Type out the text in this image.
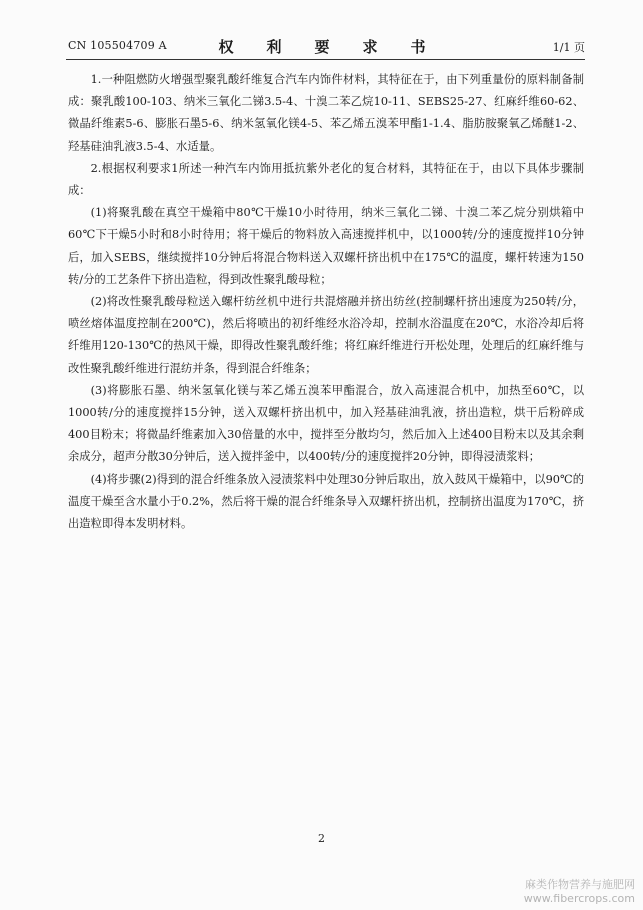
CN 105504709 A	权　利　要　求　书	1/1 页

1.一种阻燃防火增强型聚乳酸纤维复合汽车内饰件材料，其特征在于，由下列重量份的原料制备制成：聚乳酸100-103、纳米三氧化二锑3.5-4、十溴二苯乙烷10-11、SEBS25-27、红麻纤维60-62、微晶纤维素5-6、膨胀石墨5-6、纳米氢氧化镁4-5、苯乙烯五溴苯甲酯1-1.4、脂肪胺聚氧乙烯醚1-2、羟基硅油乳液3.5-4、水适量。

2.根据权利要求1所述一种汽车内饰用抵抗紫外老化的复合材料，其特征在于，由以下具体步骤制成：

(1)将聚乳酸在真空干燥箱中80℃干燥10小时待用，纳米三氧化二锑、十溴二苯乙烷分别烘箱中60℃下干燥5小时和8小时待用；将干燥后的物料放入高速搅拌机中，以1000转/分的速度搅拌10分钟后，加入SEBS，继续搅拌10分钟后将混合物料送入双螺杆挤出机中在175℃的温度，螺杆转速为150转/分的工艺条件下挤出造粒，得到改性聚乳酸母粒；

(2)将改性聚乳酸母粒送入螺杆纺丝机中进行共混熔融并挤出纺丝(控制螺杆挤出速度为250转/分，喷丝熔体温度控制在200℃)，然后将喷出的初纤维经水浴冷却，控制水浴温度在20℃，水浴冷却后将纤维用120-130℃的热风干燥，即得改性聚乳酸纤维；将红麻纤维进行开松处理，处理后的红麻纤维与改性聚乳酸纤维进行混纺并条，得到混合纤维条；

(3)将膨胀石墨、纳米氢氧化镁与苯乙烯五溴苯甲酯混合，放入高速混合机中，加热至60℃，以1000转/分的速度搅拌15分钟，送入双螺杆挤出机中，加入羟基硅油乳液，挤出造粒，烘干后粉碎成400目粉末；将微晶纤维素加入30倍量的水中，搅拌至分散均匀，然后加入上述400目粉末以及其余剩余成分，超声分散30分钟后，送入搅拌釜中，以400转/分的速度搅拌20分钟，即得浸渍浆料；

(4)将步骤(2)得到的混合纤维条放入浸渍浆料中处理30分钟后取出，放入鼓风干燥箱中，以90℃的温度干燥至含水量小于0.2%，然后将干燥的混合纤维条导入双螺杆挤出机，控制挤出温度为170℃，挤出造粒即得本发明材料。

2
麻类作物营养与施肥网
www.fibercrops.com
